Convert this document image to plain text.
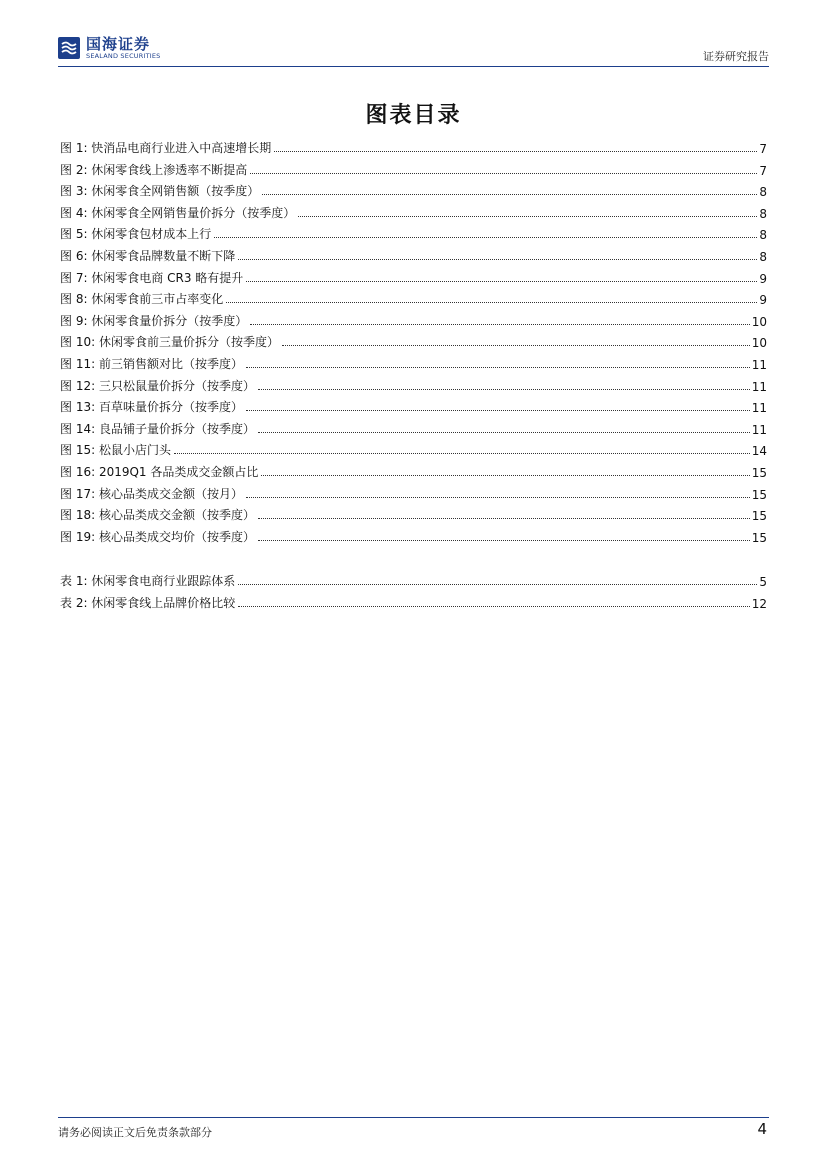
国海证券
SEALAND SECURITIES	证券研究报告
图表目录
图 1: 快消品电商行业进入中高速增长期	7
图 2: 休闲零食线上渗透率不断提高	7
图 3: 休闲零食全网销售额（按季度）	8
图 4: 休闲零食全网销售量价拆分（按季度）	8
图 5: 休闲零食包材成本上行	8
图 6: 休闲零食品牌数量不断下降	8
图 7: 休闲零食电商 CR3 略有提升	9
图 8: 休闲零食前三市占率变化	9
图 9: 休闲零食量价拆分（按季度）	10
图 10: 休闲零食前三量价拆分（按季度）	10
图 11: 前三销售额对比（按季度）	11
图 12: 三只松鼠量价拆分（按季度）	11
图 13: 百草味量价拆分（按季度）	11
图 14: 良品铺子量价拆分（按季度）	11
图 15: 松鼠小店门头	14
图 16: 2019Q1 各品类成交金额占比	15
图 17: 核心品类成交金额（按月）	15
图 18: 核心品类成交金额（按季度）	15
图 19: 核心品类成交均价（按季度）	15
表 1: 休闲零食电商行业跟踪体系	5
表 2: 休闲零食线上品牌价格比较	12
请务必阅读正文后免责条款部分	4
